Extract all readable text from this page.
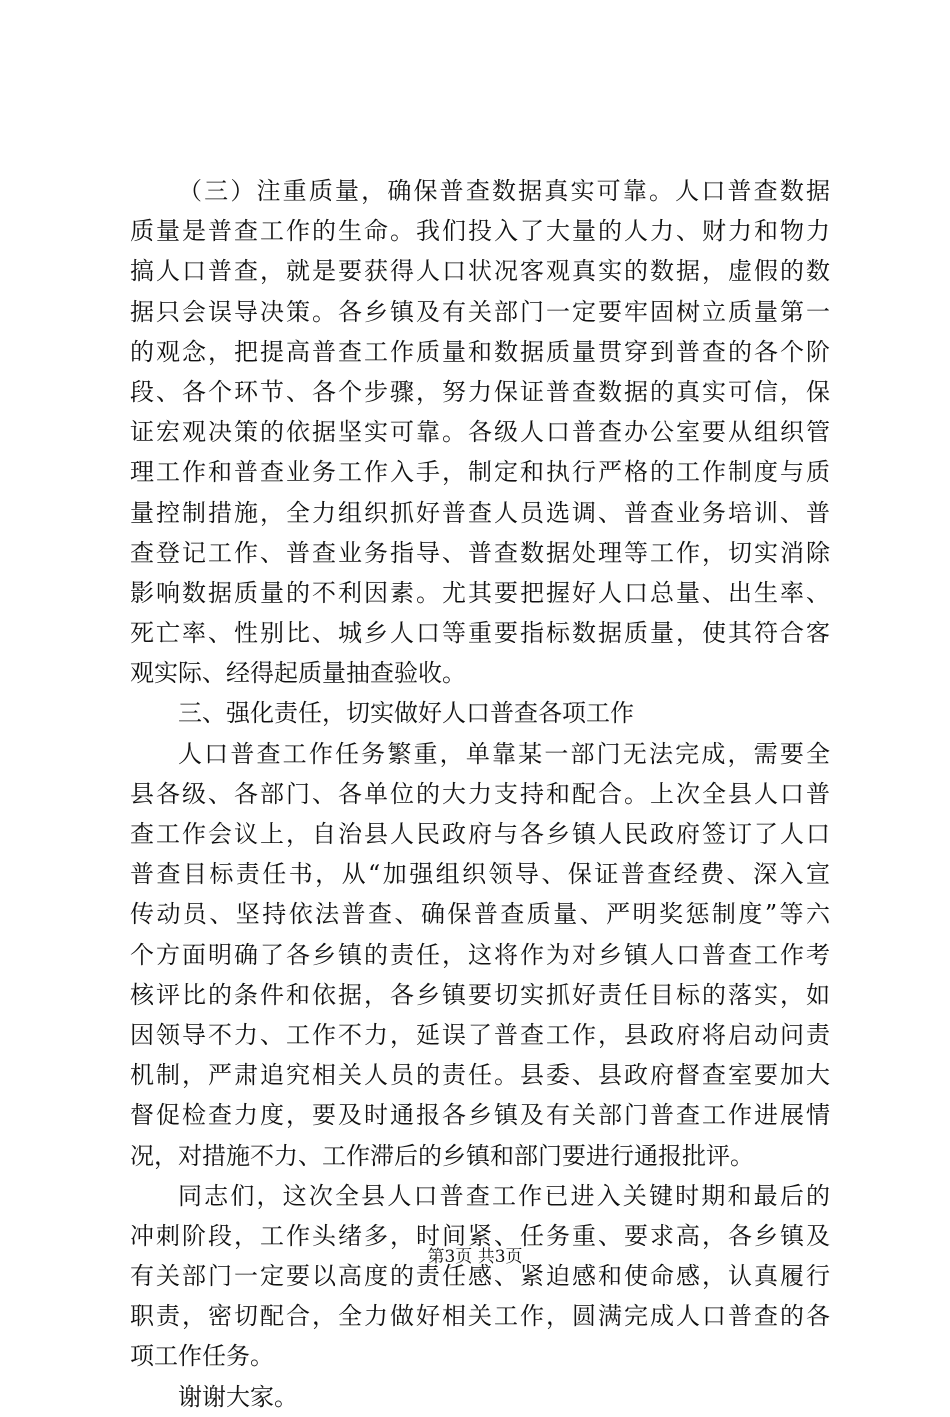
（三）注重质量，确保普查数据真实可靠。人口普查数据
质量是普查工作的生命。我们投入了大量的人力、财力和物力
搞人口普查，就是要获得人口状况客观真实的数据，虚假的数
据只会误导决策。各乡镇及有关部门一定要牢固树立质量第一
的观念，把提高普查工作质量和数据质量贯穿到普查的各个阶
段、各个环节、各个步骤，努力保证普查数据的真实可信，保
证宏观决策的依据坚实可靠。各级人口普查办公室要从组织管
理工作和普查业务工作入手，制定和执行严格的工作制度与质
量控制措施，全力组织抓好普查人员选调、普查业务培训、普
查登记工作、普查业务指导、普查数据处理等工作，切实消除
影响数据质量的不利因素。尤其要把握好人口总量、出生率、
死亡率、性别比、城乡人口等重要指标数据质量，使其符合客
观实际、经得起质量抽查验收。
三、强化责任，切实做好人口普查各项工作
人口普查工作任务繁重，单靠某一部门无法完成，需要全
县各级、各部门、各单位的大力支持和配合。上次全县人口普
查工作会议上，自治县人民政府与各乡镇人民政府签订了人口
普查目标责任书，从“加强组织领导、保证普查经费、深入宣
传动员、坚持依法普查、确保普查质量、严明奖惩制度”等六
个方面明确了各乡镇的责任，这将作为对乡镇人口普查工作考
核评比的条件和依据，各乡镇要切实抓好责任目标的落实，如
因领导不力、工作不力，延误了普查工作，县政府将启动问责
机制，严肃追究相关人员的责任。县委、县政府督查室要加大
督促检查力度，要及时通报各乡镇及有关部门普查工作进展情
况，对措施不力、工作滞后的乡镇和部门要进行通报批评。
同志们，这次全县人口普查工作已进入关键时期和最后的
冲刺阶段，工作头绪多，时间紧、任务重、要求高，各乡镇及
有关部门一定要以高度的责任感、紧迫感和使命感，认真履行
职责，密切配合，全力做好相关工作，圆满完成人口普查的各
项工作任务。
谢谢大家。
第3页 共3页
